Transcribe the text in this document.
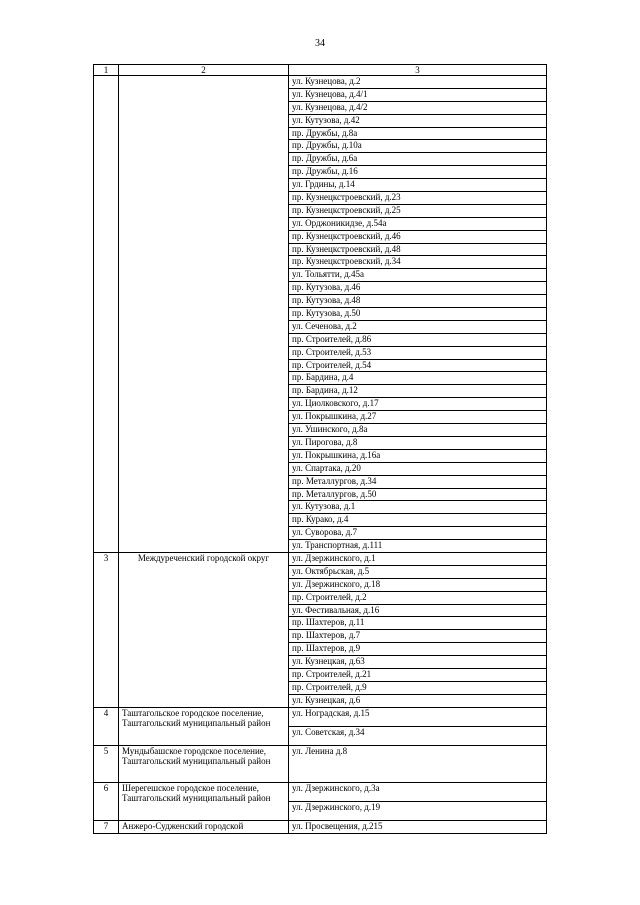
34
1	2	3
		ул. Кузнецова, д.2
		ул. Кузнецова, д.4/1
		ул. Кузнецова, д.4/2
		ул. Кутузова, д.42
		пр. Дружбы, д.8а
		пр. Дружбы, д.10а
		пр. Дружбы, д.6а
		пр. Дружбы, д.16
		ул. Грдины, д.14
		пр. Кузнецкстроевский, д.23
		пр. Кузнецкстроевский, д.25
		ул. Орджоникидзе, д.54а
		пр. Кузнецкстроевский, д.46
		пр. Кузнецкстроевский, д.48
		пр. Кузнецкстроевский, д.34
		ул. Тольятти, д.45а
		пр. Кутузова, д.46
		пр. Кутузова, д.48
		пр. Кутузова, д.50
		ул. Сеченова, д.2
		пр. Строителей, д.86
		пр. Строителей, д.53
		пр. Строителей, д.54
		пр. Бардина, д.4
		пр. Бардина, д.12
		ул. Циолковского, д.17
		ул. Покрышкина, д.27
		ул. Ушинского, д.8а
		ул. Пирогова, д.8
		ул. Покрышкина, д.16а
		ул. Спартака, д.20
		пр. Металлургов, д.34
		пр. Металлургов, д.50
		ул. Кутузова, д.1
		пр. Курако, д.4
		ул. Суворова, д.7
		ул. Транспортная, д.111
3	Междуреченский городской округ	ул. Дзержинского, д.1
		ул. Октябрьская, д.5
		ул. Дзержинского, д.18
		пр. Строителей, д.2
		ул. Фестивальная, д.16
		пр. Шахтеров, д.11
		пр. Шахтеров, д.7
		пр. Шахтеров, д.9
		ул. Кузнецкая, д.63
		пр. Строителей, д.21
		пр. Строителей, д.9
		ул. Кузнецкая, д.6
4	Таштагольское городское поселение, Таштагольский муниципальный район	ул. Ноградская, д.15
		ул. Советская, д.34
5	Мундыбашское городское поселение, Таштагольский муниципальный район	ул. Ленина д.8
6	Шерегешское городское поселение, Таштагольский муниципальный район	ул. Дзержинского, д.3а
		ул. Дзержинского, д.19
7	Анжеро-Судженский городской	ул. Просвещения, д.215
